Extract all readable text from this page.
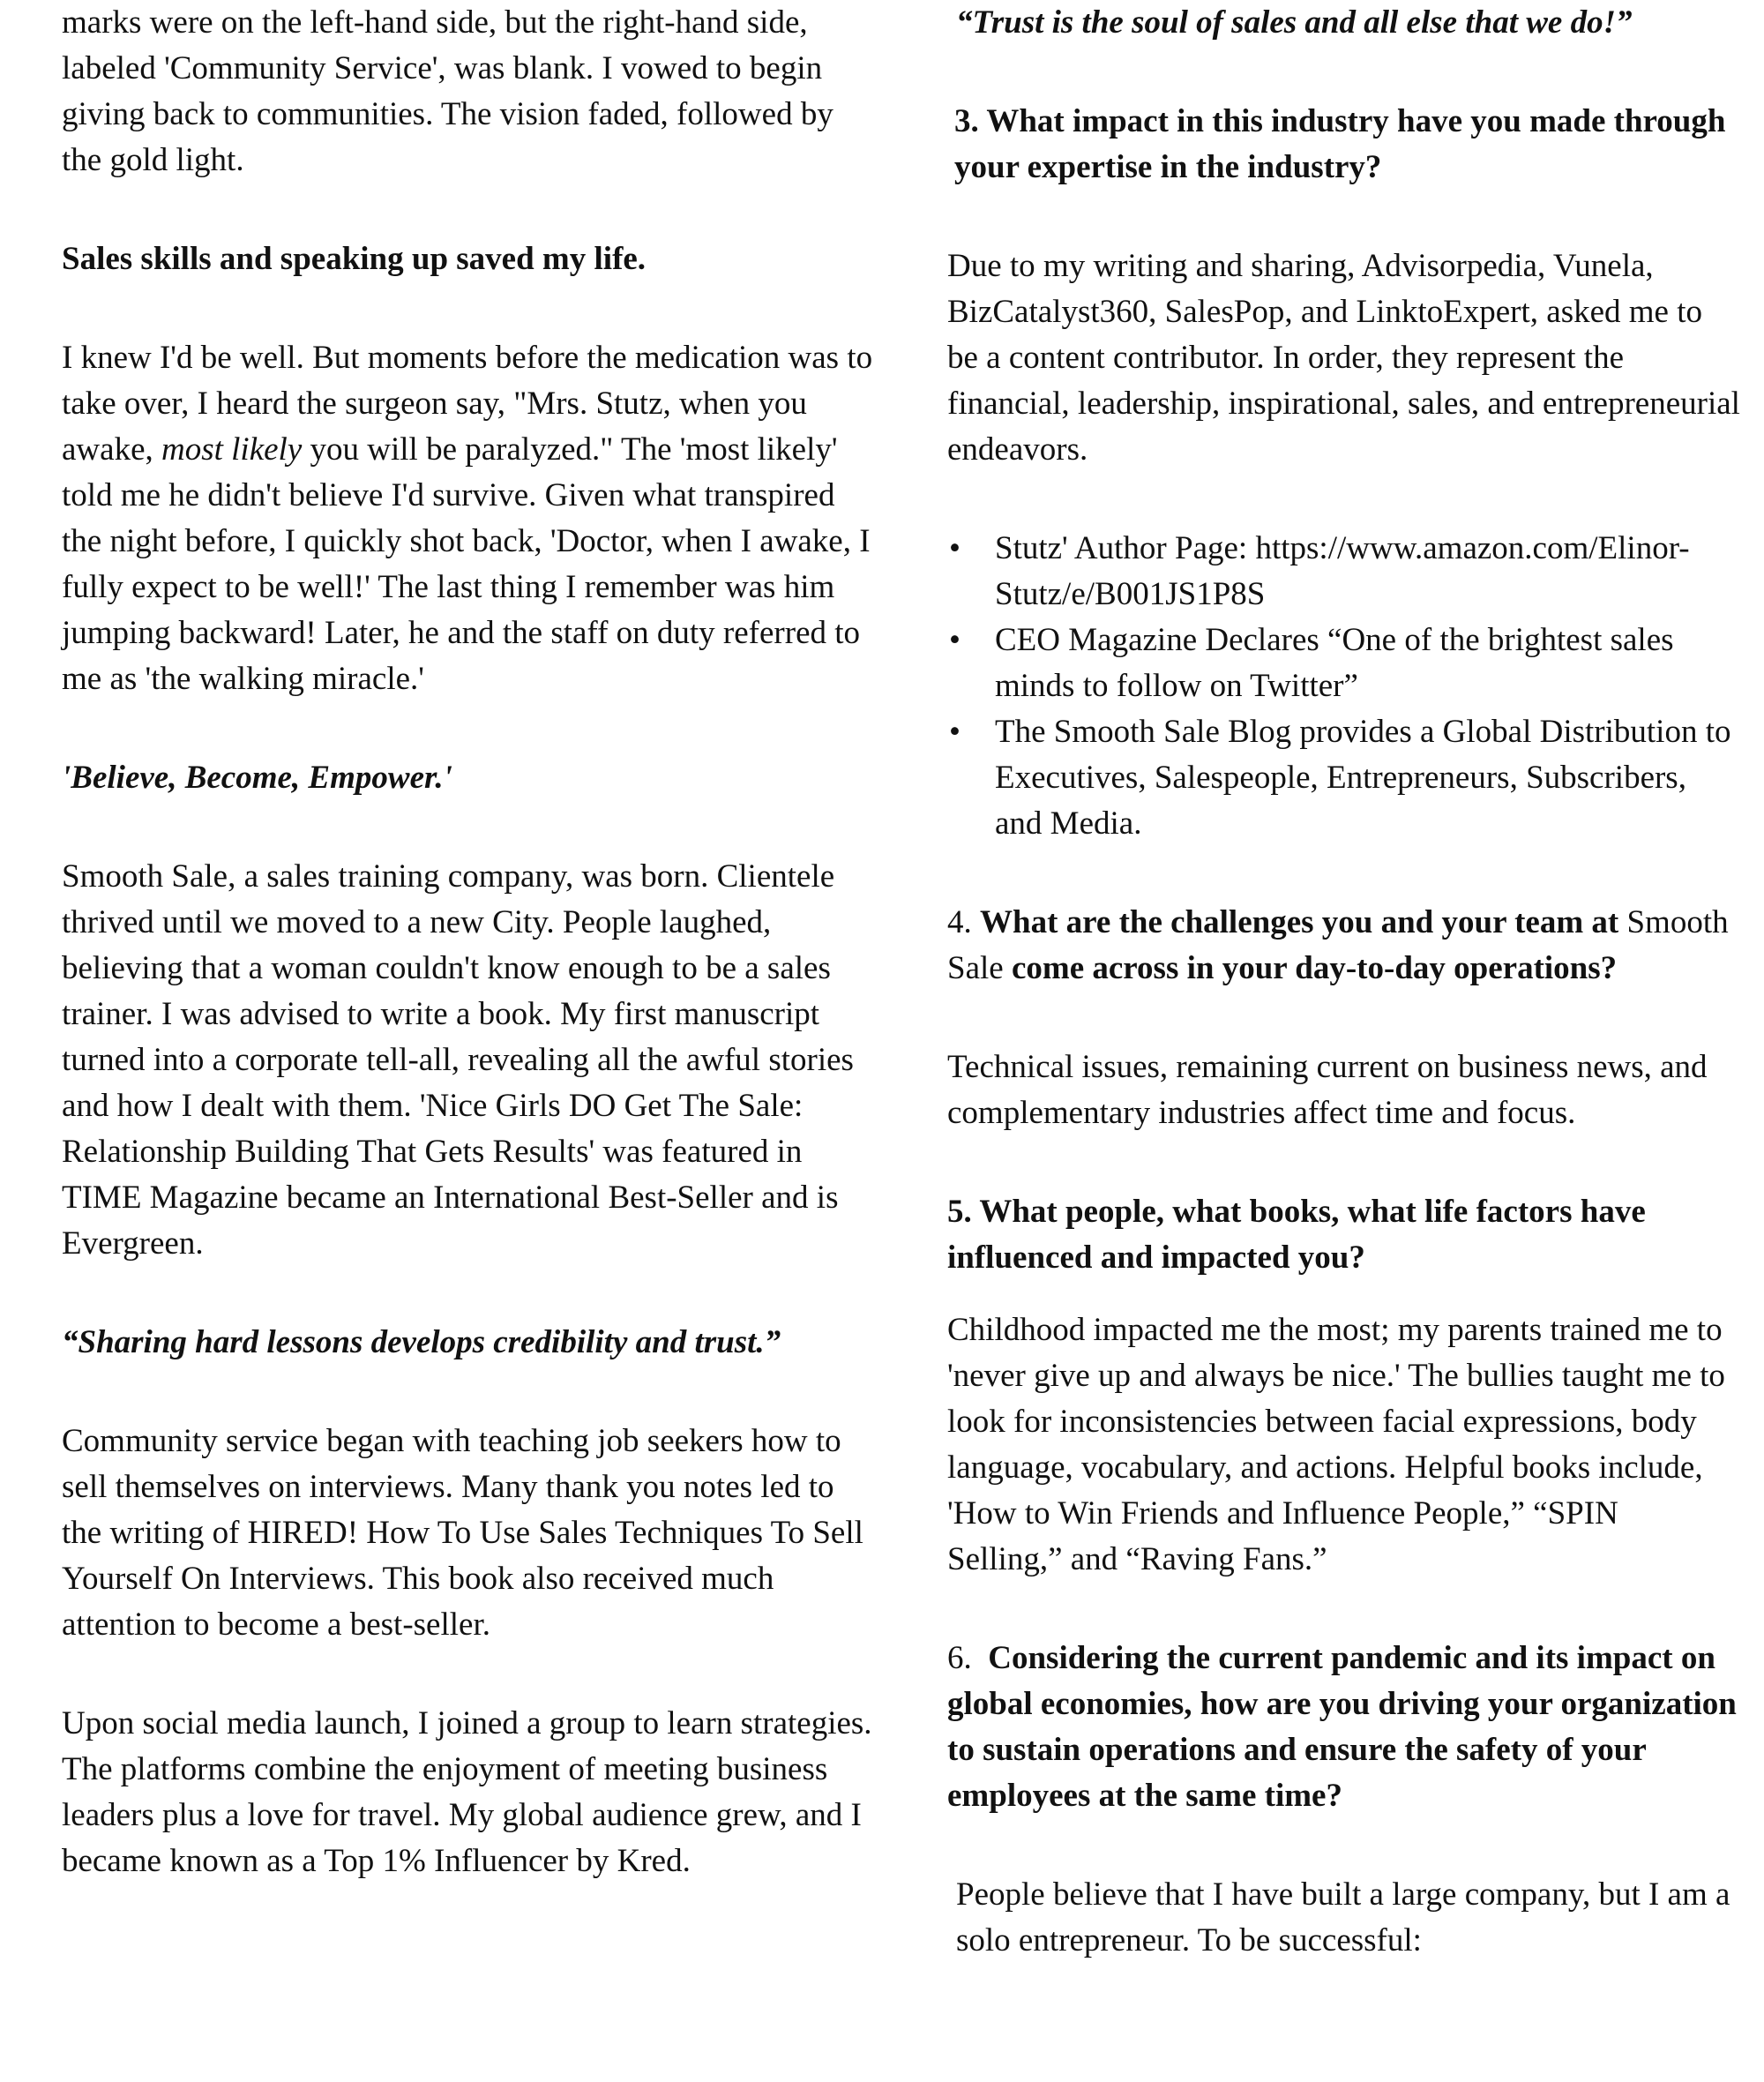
marks were on the left-hand side, but the right-hand side, labeled 'Community Service', was blank. I vowed to begin giving back to communities. The vision faded, followed by the gold light.

Sales skills and speaking up saved my life.

I knew I'd be well. But moments before the medication was to take over, I heard the surgeon say, "Mrs. Stutz, when you awake, most likely you will be paralyzed." The 'most likely' told me he didn't believe I'd survive. Given what transpired the night before, I quickly shot back, 'Doctor, when I awake, I fully expect to be well!' The last thing I remember was him jumping backward! Later, he and the staff on duty referred to me as 'the walking miracle.'

'Believe, Become, Empower.'

Smooth Sale, a sales training company, was born. Clientele thrived until we moved to a new City. People laughed, believing that a woman couldn't know enough to be a sales trainer. I was advised to write a book. My first manuscript turned into a corporate tell-all, revealing all the awful stories and how I dealt with them. 'Nice Girls DO Get The Sale: Relationship Building That Gets Results' was featured in TIME Magazine became an International Best-Seller and is Evergreen.

“Sharing hard lessons develops credibility and trust.”

Community service began with teaching job seekers how to sell themselves on interviews. Many thank you notes led to the writing of HIRED! How To Use Sales Techniques To Sell Yourself On Interviews. This book also received much attention to become a best-seller.

Upon social media launch, I joined a group to learn strategies. The platforms combine the enjoyment of meeting business leaders plus a love for travel. My global audience grew, and I became known as a Top 1% Influencer by Kred.

“Trust is the soul of sales and all else that we do!”

3. What impact in this industry have you made through your expertise in the industry?

Due to my writing and sharing, Advisorpedia, Vunela, BizCatalyst360, SalesPop, and LinktoExpert, asked me to be a content contributor. In order, they represent the financial, leadership, inspirational, sales, and entrepreneurial endeavors.

• Stutz' Author Page: https://www.amazon.com/Elinor-Stutz/e/B001JS1P8S
• CEO Magazine Declares “One of the brightest sales minds to follow on Twitter”
• The Smooth Sale Blog provides a Global Distribution to Executives, Salespeople, Entrepreneurs, Subscribers, and Media.

4. What are the challenges you and your team at Smooth Sale come across in your day-to-day operations?

Technical issues, remaining current on business news, and complementary industries affect time and focus.

5. What people, what books, what life factors have influenced and impacted you?

Childhood impacted me the most; my parents trained me to 'never give up and always be nice.' The bullies taught me to look for inconsistencies between facial expressions, body language, vocabulary, and actions. Helpful books include, 'How to Win Friends and Influence People,” “SPIN Selling,” and “Raving Fans.”

6. Considering the current pandemic and its impact on global economies, how are you driving your organization to sustain operations and ensure the safety of your employees at the same time?

People believe that I have built a large company, but I am a solo entrepreneur. To be successful:
